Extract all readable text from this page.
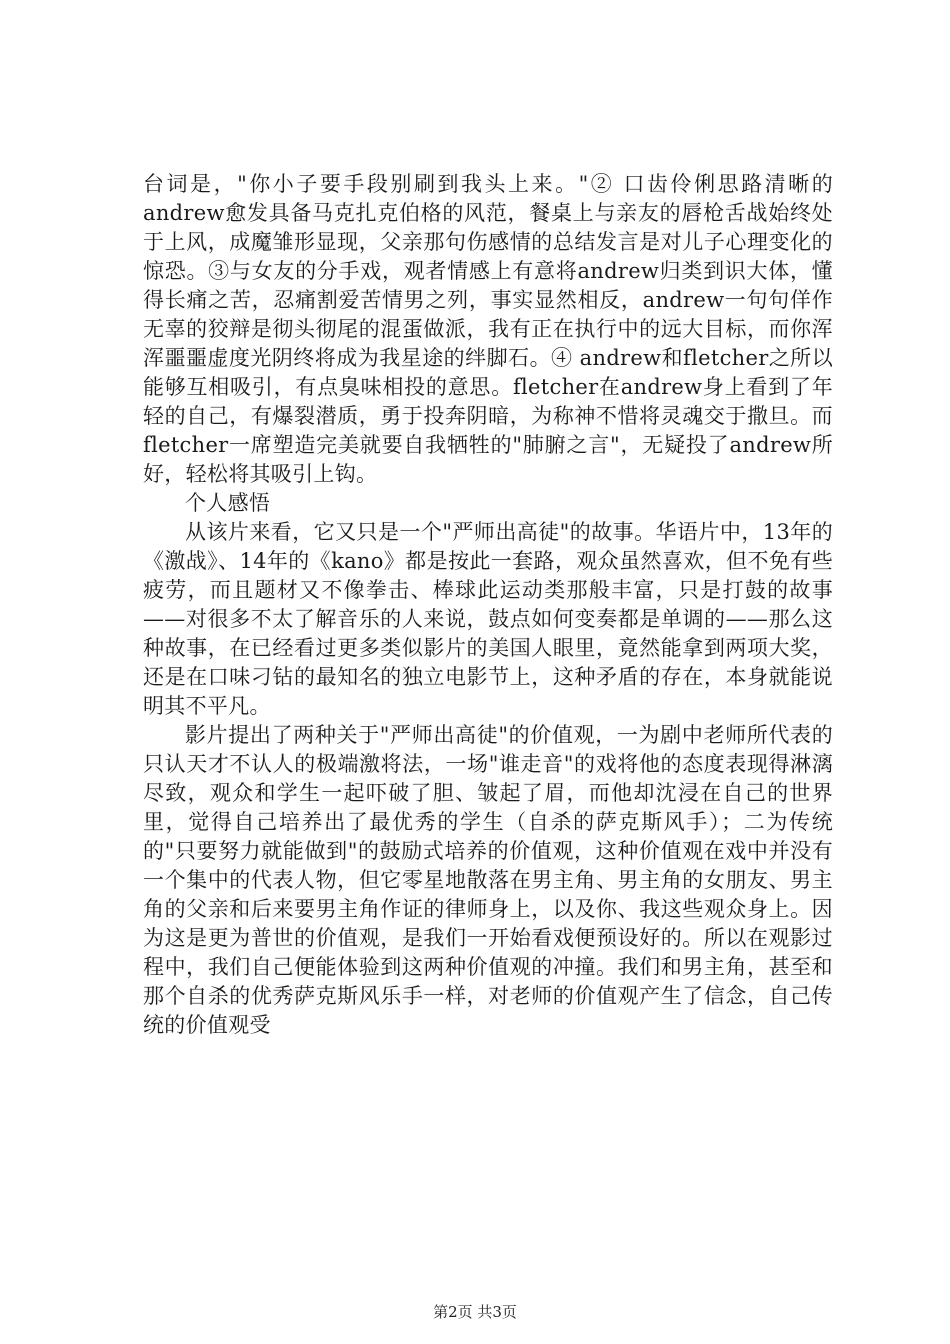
台词是，"你小子要手段别刷到我头上来。"② 口齿伶俐思路清晰的andrew愈发具备马克扎克伯格的风范，餐桌上与亲友的唇枪舌战始终处于上风，成魔雏形显现，父亲那句伤感情的总结发言是对儿子心理变化的惊恐。③与女友的分手戏，观者情感上有意将andrew归类到识大体，懂得长痛之苦，忍痛割爱苦情男之列，事实显然相反，andrew一句句佯作无辜的狡辩是彻头彻尾的混蛋做派，我有正在执行中的远大目标，而你浑浑噩噩虚度光阴终将成为我星途的绊脚石。④ andrew和fletcher之所以能够互相吸引，有点臭味相投的意思。fletcher在andrew身上看到了年轻的自己，有爆裂潜质，勇于投奔阴暗，为称神不惜将灵魂交于撒旦。而fletcher一席塑造完美就要自我牺牲的"肺腑之言"，无疑投了andrew所好，轻松将其吸引上钩。

个人感悟

从该片来看，它又只是一个"严师出高徒"的故事。华语片中，13年的《激战》、14年的《kano》都是按此一套路，观众虽然喜欢，但不免有些疲劳，而且题材又不像拳击、棒球此运动类那般丰富，只是打鼓的故事——对很多不太了解音乐的人来说，鼓点如何变奏都是单调的——那么这种故事，在已经看过更多类似影片的美国人眼里，竟然能拿到两项大奖，还是在口味刁钻的最知名的独立电影节上，这种矛盾的存在，本身就能说明其不平凡。

影片提出了两种关于"严师出高徒"的价值观，一为剧中老师所代表的只认天才不认人的极端激将法，一场"谁走音"的戏将他的态度表现得淋漓尽致，观众和学生一起吓破了胆、皱起了眉，而他却沈浸在自己的世界里，觉得自己培养出了最优秀的学生（自杀的萨克斯风手）；二为传统的"只要努力就能做到"的鼓励式培养的价值观，这种价值观在戏中并没有一个集中的代表人物，但它零星地散落在男主角、男主角的女朋友、男主角的父亲和后来要男主角作证的律师身上，以及你、我这些观众身上。因为这是更为普世的价值观，是我们一开始看戏便预设好的。所以在观影过程中，我们自己便能体验到这两种价值观的冲撞。我们和男主角，甚至和那个自杀的优秀萨克斯风乐手一样，对老师的价值观产生了信念，自己传统的价值观受

第2页 共3页
